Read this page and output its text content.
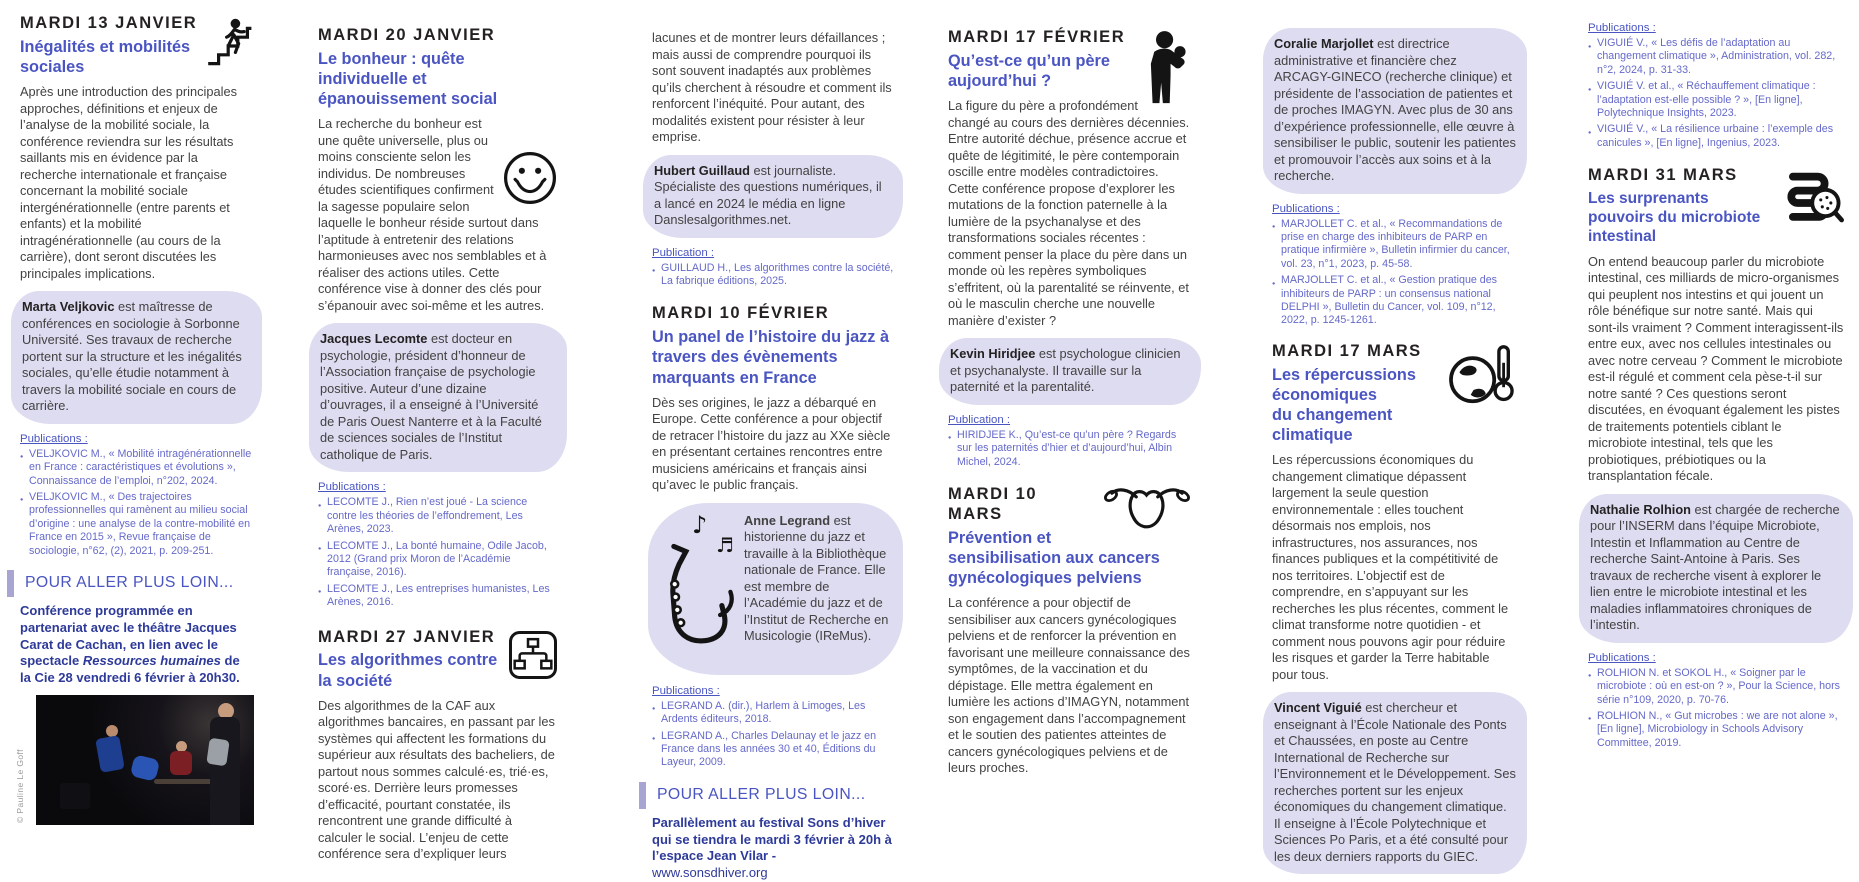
MARDI 13 JANVIER
Inégalités et mobilités sociales

Après une introduction des principales approches, définitions et enjeux de l’analyse de la mobilité sociale, la conférence reviendra sur les résultats saillants mis en évidence par la recherche internationale et française concernant la mobilité sociale intergénérationnelle (entre parents et enfants) et la mobilité intragénérationnelle (au cours de la carrière), dont seront discutées les principales implications.

Marta Veljkovic est maîtresse de conférences en sociologie à Sorbonne Université. Ses travaux de recherche portent sur la structure et les inégalités sociales, qu’elle étudie notamment à travers la mobilité sociale en cours de carrière.

Publications :
● VELJKOVIC M., « Mobilité intragénérationnelle en France : caractéristiques et évolutions », Connaissance de l’emploi, n°202, 2024.
● VELJKOVIC M., « Des trajectoires professionnelles qui ramènent au milieu social d’origine : une analyse de la contre-mobilité en France en 2015 », Revue française de sociologie, n°62, (2), 2021, p. 209-251.
POUR ALLER PLUS LOIN...

Conférence programmée en partenariat avec le théâtre Jacques Carat de Cachan, en lien avec le spectacle Ressources humaines de la Cie 28 vendredi 6 février à 20h30.

© Pauline Le Goff
MARDI 20 JANVIER
Le bonheur : quête individuelle et épanouissement social

La recherche du bonheur est une quête universelle, plus ou moins consciente selon les individus. De nombreuses études scientifiques confirment la sagesse populaire selon laquelle le bonheur réside surtout dans l’aptitude à entretenir des relations harmonieuses avec nos semblables et à réaliser des actions utiles. Cette conférence vise à donner des clés pour s’épanouir avec soi-même et les autres.

Jacques Lecomte est docteur en psychologie, président d’honneur de l’Association française de psychologie positive. Auteur d’une dizaine d’ouvrages, il a enseigné à l’Université de Paris Ouest Nanterre et à la Faculté de sciences sociales de l’Institut catholique de Paris.

Publications :
● LECOMTE J., Rien n’est joué - La science contre les théories de l’effondrement, Les Arènes, 2023.
● LECOMTE J., La bonté humaine, Odile Jacob, 2012 (Grand prix Moron de l’Académie française, 2016).
● LECOMTE J., Les entreprises humanistes, Les Arènes, 2016.
MARDI 27 JANVIER
Les algorithmes contre la société

Des algorithmes de la CAF aux algorithmes bancaires, en passant par les systèmes qui affectent les formations du supérieur aux résultats des bacheliers, de partout nous sommes calculé·es, trié·es, scoré·es. Derrière leurs promesses d’efficacité, pourtant constatée, ils rencontrent une grande difficulté à calculer le social. L’enjeu de cette conférence sera d’expliquer leurs

lacunes et de montrer leurs défaillances ; mais aussi de comprendre pourquoi ils sont souvent inadaptés aux problèmes qu’ils cherchent à résoudre et comment ils renforcent l’inéquité. Pour autant, des modalités existent pour résister à leur emprise.

Hubert Guillaud est journaliste. Spécialiste des questions numériques, il a lancé en 2024 le média en ligne Danslesalgorithmes.net.

Publication :
● GUILLAUD H., Les algorithmes contre la société, La fabrique éditions, 2025.
MARDI 10 FÉVRIER
Un panel de l’histoire du jazz à travers des évènements marquants en France

Dès ses origines, le jazz a débarqué en Europe. Cette conférence a pour objectif de retracer l’histoire du jazz au XXe siècle en présentant certaines rencontres entre musiciens américains et français ainsi qu’avec le public français.

♪
♬

Anne Legrand est historienne du jazz et travaille à la Bibliothèque nationale de France. Elle est membre de l’Académie du jazz et de l’Institut de Recherche en Musicologie (IReMus).

Publications :
● LEGRAND A. (dir.), Harlem à Limoges, Les Ardents éditeurs, 2018.
● LEGRAND A., Charles Delaunay et le jazz en France dans les années 30 et 40, Éditions du Layeur, 2009.
POUR ALLER PLUS LOIN...

Parallèlement au festival Sons d’hiver qui se tiendra le mardi 3 février à 20h à l’espace Jean Vilar - www.sonsdhiver.org

MARDI 17 FÉVRIER
Qu’est-ce qu’un père aujourd’hui ?

La figure du père a profondément changé au cours des dernières décennies. Entre autorité déchue, présence accrue et quête de légitimité, le père contemporain oscille entre modèles contradictoires. Cette conférence propose d’explorer les mutations de la fonction paternelle à la lumière de la psychanalyse et des transformations sociales récentes : comment penser la place du père dans un monde où les repères symboliques s’effritent, où la parentalité se réinvente, et où le masculin cherche une nouvelle manière d’exister ?

Kevin Hiridjee est psychologue clinicien et psychanalyste. Il travaille sur la paternité et la parentalité.

Publication :
● HIRIDJEE K., Qu’est-ce qu’un père ? Regards sur les paternités d’hier et d’aujourd’hui, Albin Michel, 2024.
MARDI 10 MARS
Prévention et sensibilisation aux cancers gynécologiques pelviens

La conférence a pour objectif de sensibiliser aux cancers gynécologiques pelviens et de renforcer la prévention en favorisant une meilleure connaissance des symptômes, de la vaccination et du dépistage. Elle mettra également en lumière les actions d’IMAGYN, notamment son engagement dans l’accompagnement et le soutien des patientes atteintes de cancers gynécologiques pelviens et de leurs proches.

Coralie Marjollet est directrice administrative et financière chez ARCAGY-GINECO (recherche clinique) et présidente de l’association de patientes et de proches IMAGYN. Avec plus de 30 ans d’expérience professionnelle, elle œuvre à sensibiliser le public, soutenir les patientes et promouvoir l’accès aux soins et à la recherche.

Publications :
● MARJOLLET C. et al., « Recommandations de prise en charge des inhibiteurs de PARP en pratique infirmière », Bulletin infirmier du cancer, vol. 23, n°1, 2023, p. 45-58.
● MARJOLLET C. et al., « Gestion pratique des inhibiteurs de PARP : un consensus national DELPHI », Bulletin du Cancer, vol. 109, n°12, 2022, p. 1245-1261.
MARDI 17 MARS
Les répercussions économiques
du changement climatique

Les répercussions économiques du changement climatique dépassent largement la seule question environnementale : elles touchent désormais nos emplois, nos infrastructures, nos assurances, nos finances publiques et la compétitivité de nos territoires. L’objectif est de comprendre, en s’appuyant sur les recherches les plus récentes, comment le climat transforme notre quotidien - et comment nous pouvons agir pour réduire les risques et garder la Terre habitable pour tous.

Vincent Viguié est chercheur et enseignant à l’École Nationale des Ponts et Chaussées, en poste au Centre International de Recherche sur l’Environnement et le Développement. Ses recherches portent sur les enjeux économiques du changement climatique. Il enseigne à l’École Polytechnique et Sciences Po Paris, et a été consulté pour les deux derniers rapports du GIEC.

Publications :
● VIGUIÉ V., « Les défis de l’adaptation au changement climatique », Administration, vol. 282, n°2, 2024, p. 31-33.
● VIGUIÉ V. et al., « Réchauffement climatique : l’adaptation est-elle possible ? », [En ligne], Polytechnique Insights, 2023.
● VIGUIÉ V., « La résilience urbaine : l’exemple des canicules », [En ligne], Ingenius, 2023.
MARDI 31 MARS
Les surprenants pouvoirs du microbiote intestinal

On entend beaucoup parler du microbiote intestinal, ces milliards de micro-organismes qui peuplent nos intestins et qui jouent un rôle bénéfique sur notre santé. Mais qui sont-ils vraiment ? Comment interagissent-ils entre eux, avec nos cellules intestinales ou avec notre cerveau ? Comment le microbiote est-il régulé et comment cela pèse-t-il sur notre santé ? Ces questions seront discutées, en évoquant également les pistes de traitements potentiels ciblant le microbiote intestinal, tels que les probiotiques, prébiotiques ou la transplantation fécale.

Nathalie Rolhion est chargée de recherche pour l’INSERM dans l’équipe Microbiote, Intestin et Inflammation au Centre de recherche Saint-Antoine à Paris. Ses travaux de recherche visent à explorer le lien entre le microbiote intestinal et les maladies inflammatoires chroniques de l’intestin.

Publications :
● ROLHION N. et SOKOL H., « Soigner par le microbiote : où en est-on ? », Pour la Science, hors série n°109, 2020, p. 70-76.
● ROLHION N., « Gut microbes : we are not alone », [En ligne], Microbiology in Schools Advisory Committee, 2019.
